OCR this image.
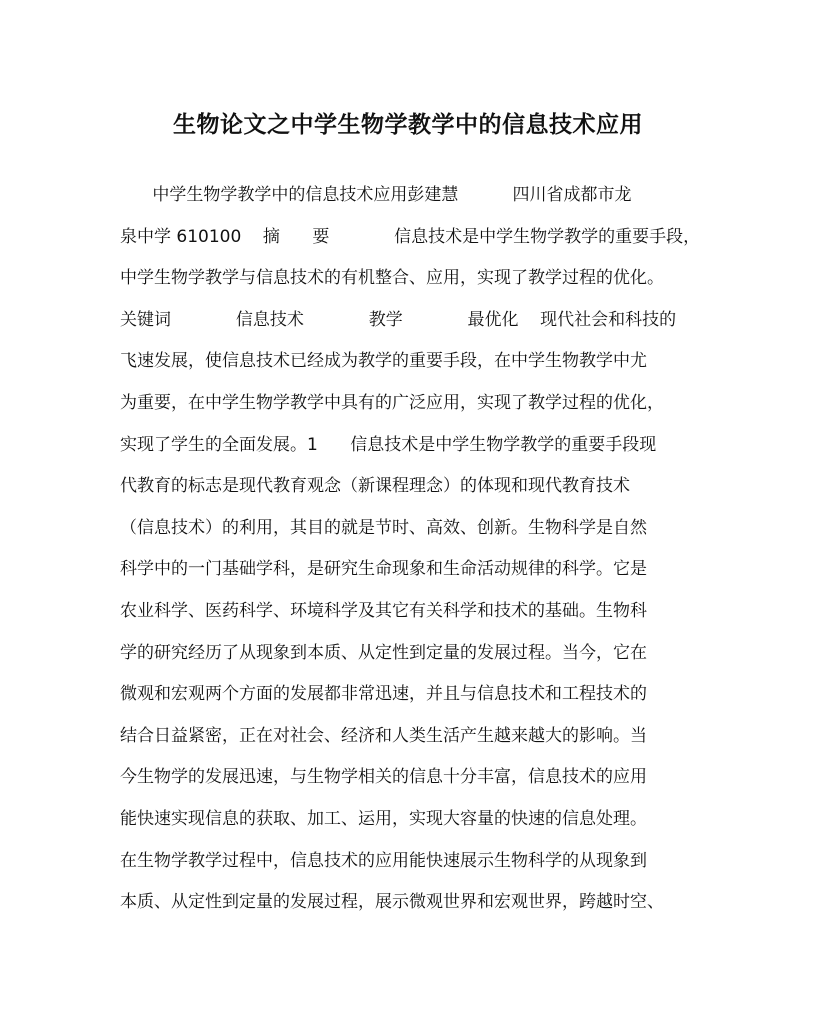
生物论文之中学生物学教学中的信息技术应用
中学生物学教学中的信息技术应用彭建慧          四川省成都市龙
泉中学 610100    摘      要            信息技术是中学生物学教学的重要手段，
中学生物学教学与信息技术的有机整合、应用，实现了教学过程的优化。
关键词            信息技术            教学            最优化    现代社会和科技的
飞速发展，使信息技术已经成为教学的重要手段，在中学生物教学中尤
为重要，在中学生物学教学中具有的广泛应用，实现了教学过程的优化，
实现了学生的全面发展。1      信息技术是中学生物学教学的重要手段现
代教育的标志是现代教育观念（新课程理念）的体现和现代教育技术
（信息技术）的利用，其目的就是节时、高效、创新。生物科学是自然
科学中的一门基础学科，是研究生命现象和生命活动规律的科学。它是
农业科学、医药科学、环境科学及其它有关科学和技术的基础。生物科
学的研究经历了从现象到本质、从定性到定量的发展过程。当今，它在
微观和宏观两个方面的发展都非常迅速，并且与信息技术和工程技术的
结合日益紧密，正在对社会、经济和人类生活产生越来越大的影响。当
今生物学的发展迅速，与生物学相关的信息十分丰富，信息技术的应用
能快速实现信息的获取、加工、运用，实现大容量的快速的信息处理。
在生物学教学过程中，信息技术的应用能快速展示生物科学的从现象到
本质、从定性到定量的发展过程，展示微观世界和宏观世界，跨越时空、
